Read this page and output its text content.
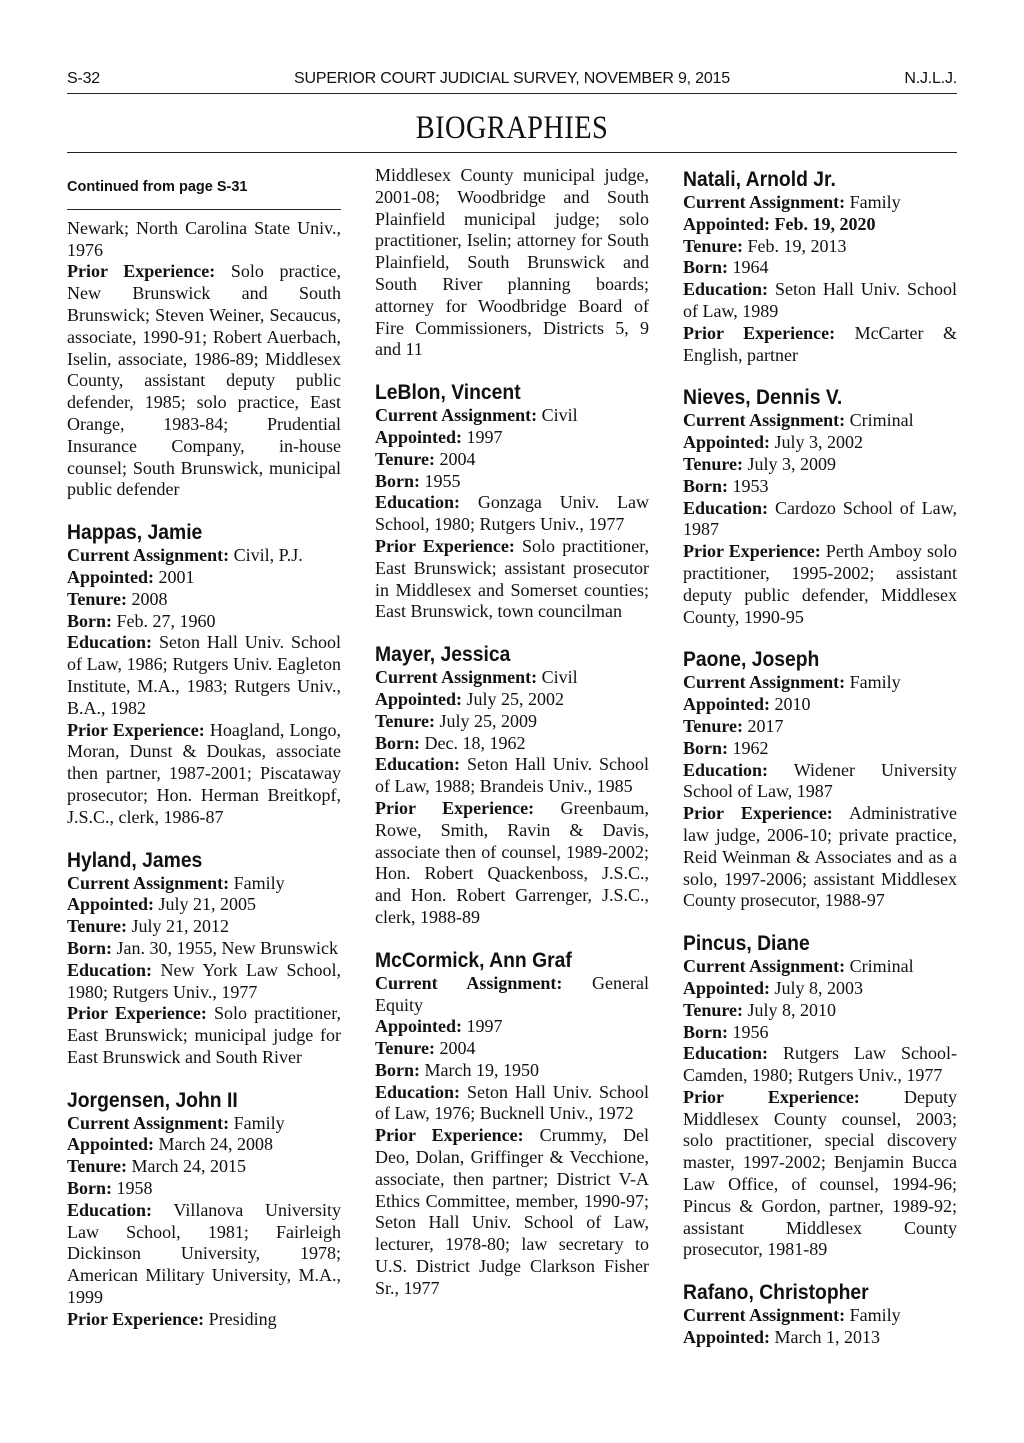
S-32	SUPERIOR COURT JUDICIAL SURVEY, NOVEMBER 9, 2015	N.J.L.J.
BIOGRAPHIES
Continued from page S-31

Newark; North Carolina State Univ., 1976

Prior Experience: Solo practice, New Brunswick and South Brunswick; Steven Weiner, Secaucus, associate, 1990-91; Robert Auerbach, Iselin, associate, 1986-89; Middlesex County, assistant deputy public defender, 1985; solo practice, East Orange, 1983-84; Prudential Insurance Company, in-house counsel; South Brunswick, municipal public defender

Happas, Jamie

Current Assignment: Civil, P.J.

Appointed: 2001

Tenure: 2008

Born: Feb. 27, 1960

Education: Seton Hall Univ. School of Law, 1986; Rutgers Univ. Eagleton Institute, M.A., 1983; Rutgers Univ., B.A., 1982

Prior Experience: Hoagland, Longo, Moran, Dunst & Doukas, associate then partner, 1987-2001; Piscataway prosecutor; Hon. Herman Breitkopf, J.S.C., clerk, 1986-87

Hyland, James

Current Assignment: Family

Appointed: July 21, 2005

Tenure: July 21, 2012

Born: Jan. 30, 1955, New Brunswick

Education: New York Law School, 1980; Rutgers Univ., 1977

Prior Experience: Solo practitioner, East Brunswick; municipal judge for East Brunswick and South River

Jorgensen, John II

Current Assignment: Family

Appointed: March 24, 2008

Tenure: March 24, 2015

Born: 1958

Education: Villanova University Law School, 1981; Fairleigh Dickinson University, 1978; American Military University, M.A., 1999

Prior Experience: Presiding

Middlesex County municipal judge, 2001-08; Woodbridge and South Plainfield municipal judge; solo practitioner, Iselin; attorney for South Plainfield, South Brunswick and South River planning boards; attorney for Woodbridge Board of Fire Commissioners, Districts 5, 9 and 11

LeBlon, Vincent

Current Assignment: Civil

Appointed: 1997

Tenure: 2004

Born: 1955

Education: Gonzaga Univ. Law School, 1980; Rutgers Univ., 1977

Prior Experience: Solo practitioner, East Brunswick; assistant prosecutor in Middlesex and Somerset counties; East Brunswick, town councilman

Mayer, Jessica

Current Assignment: Civil

Appointed: July 25, 2002

Tenure: July 25, 2009

Born: Dec. 18, 1962

Education: Seton Hall Univ. School of Law, 1988; Brandeis Univ., 1985

Prior Experience: Greenbaum, Rowe, Smith, Ravin & Davis, associate then of counsel, 1989-2002; Hon. Robert Quackenboss, J.S.C., and Hon. Robert Garrenger, J.S.C., clerk, 1988-89

McCormick, Ann Graf

Current Assignment: General Equity

Appointed: 1997

Tenure: 2004

Born: March 19, 1950

Education: Seton Hall Univ. School of Law, 1976; Bucknell Univ., 1972

Prior Experience: Crummy, Del Deo, Dolan, Griffinger & Vecchione, associate, then partner; District V-A Ethics Committee, member, 1990-97; Seton Hall Univ. School of Law, lecturer, 1978-80; law secretary to U.S. District Judge Clarkson Fisher Sr., 1977

Natali, Arnold Jr.

Current Assignment: Family

Appointed: Feb. 19, 2020

Tenure: Feb. 19, 2013

Born: 1964

Education: Seton Hall Univ. School of Law, 1989

Prior Experience: McCarter & English, partner

Nieves, Dennis V.

Current Assignment: Criminal

Appointed: July 3, 2002

Tenure: July 3, 2009

Born: 1953

Education: Cardozo School of Law, 1987

Prior Experience: Perth Amboy solo practitioner, 1995-2002; assistant deputy public defender, Middlesex County, 1990-95

Paone, Joseph

Current Assignment: Family

Appointed: 2010

Tenure: 2017

Born: 1962

Education: Widener University School of Law, 1987

Prior Experience: Administrative law judge, 2006-10; private practice, Reid Weinman & Associates and as a solo, 1997-2006; assistant Middlesex County prosecutor, 1988-97

Pincus, Diane

Current Assignment: Criminal

Appointed: July 8, 2003

Tenure: July 8, 2010

Born: 1956

Education: Rutgers Law School-Camden, 1980; Rutgers Univ., 1977

Prior Experience: Deputy Middlesex County counsel, 2003; solo practitioner, special discovery master, 1997-2002; Benjamin Bucca Law Office, of counsel, 1994-96; Pincus & Gordon, partner, 1989-92; assistant Middlesex County prosecutor, 1981-89

Rafano, Christopher

Current Assignment: Family

Appointed: March 1, 2013
